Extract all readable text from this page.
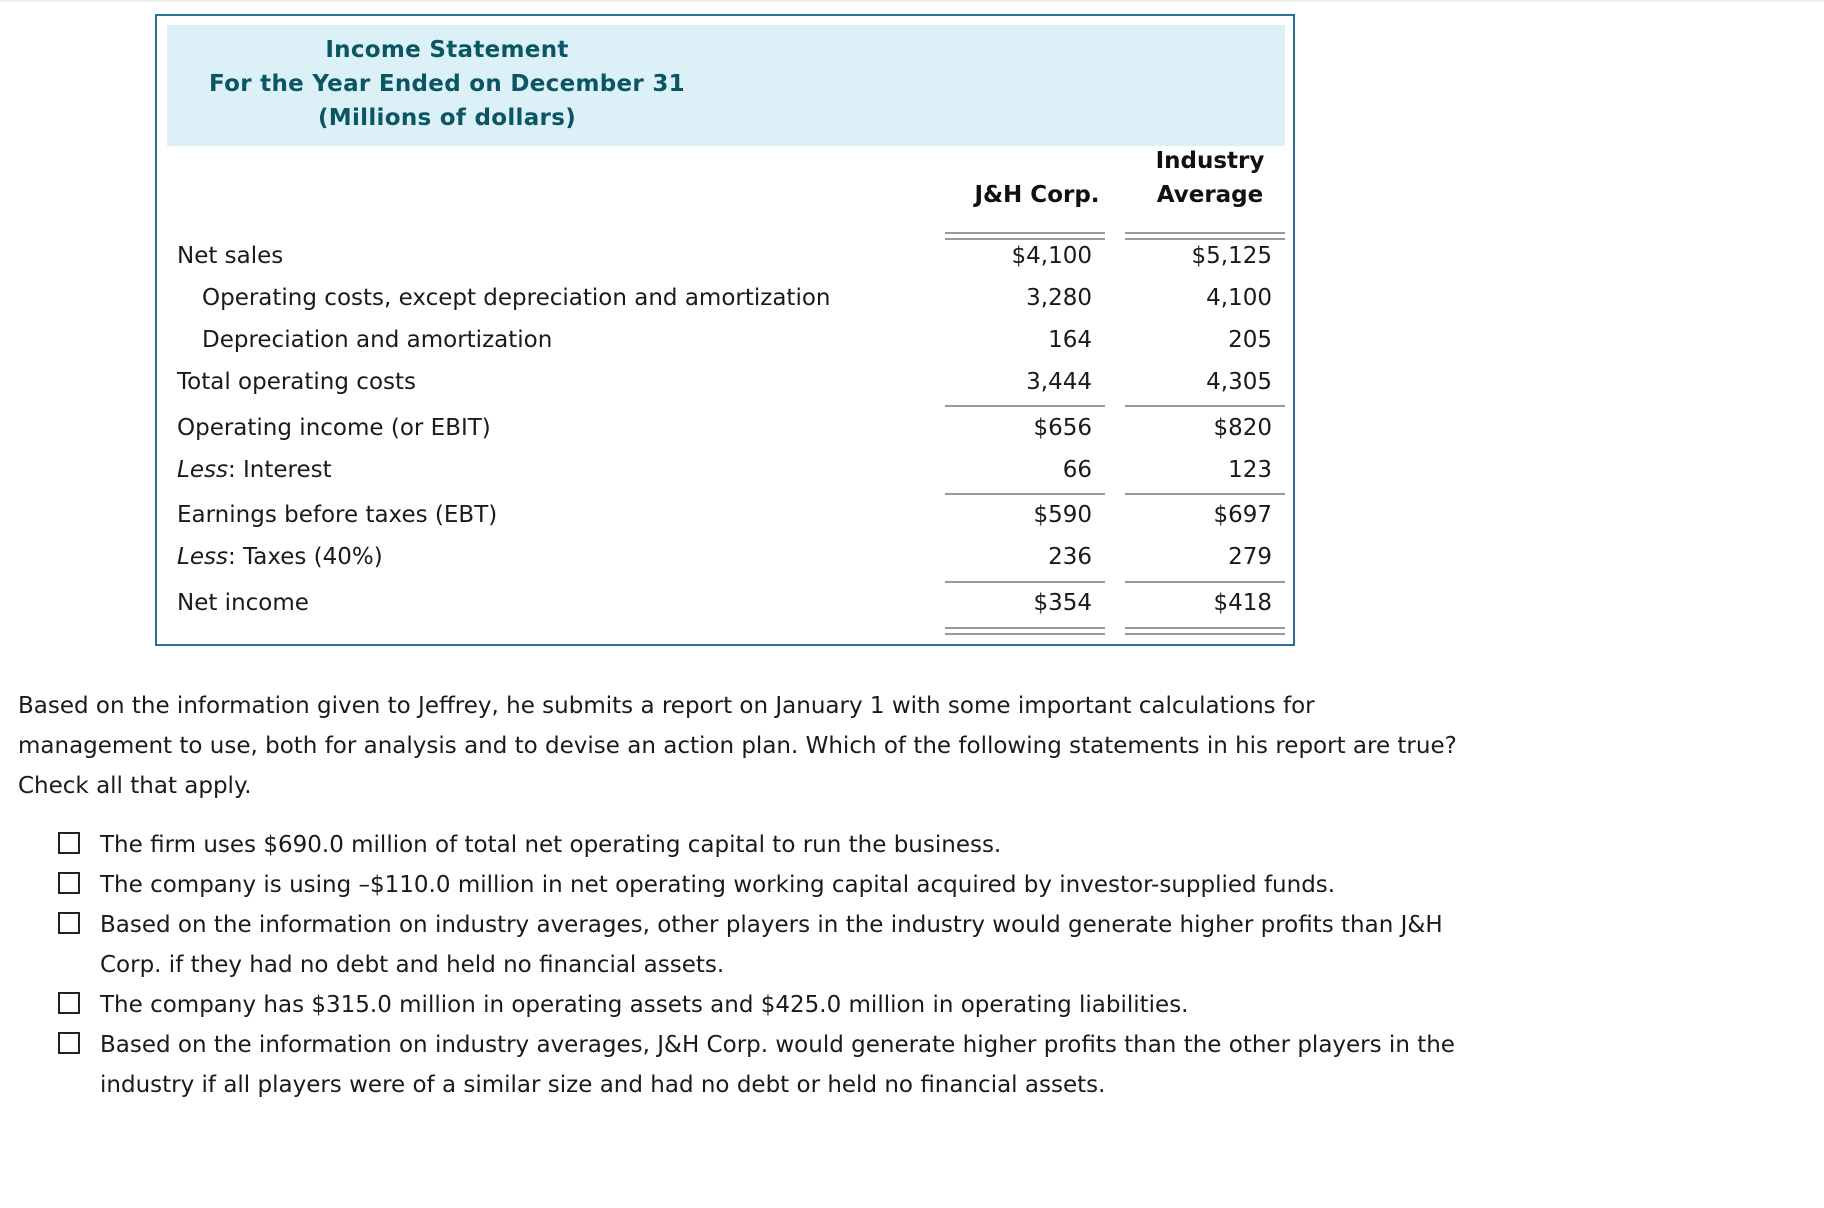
Income Statement
For the Year Ended on December 31
(Millions of dollars)
J&H Corp.
Industry
Average
Net sales	$4,100	$5,125
Operating costs, except depreciation and amortization	3,280	4,100
Depreciation and amortization	164	205
Total operating costs	3,444	4,305
Operating income (or EBIT)	$656	$820
Less: Interest	66	123
Earnings before taxes (EBT)	$590	$697
Less: Taxes (40%)	236	279
Net income	$354	$418
Based on the information given to Jeffrey, he submits a report on January 1 with some important calculations for management to use, both for analysis and to devise an action plan. Which of the following statements in his report are true? Check all that apply.
The firm uses $690.0 million of total net operating capital to run the business.
The company is using –$110.0 million in net operating working capital acquired by investor-supplied funds.
Based on the information on industry averages, other players in the industry would generate higher profits than J&H Corp. if they had no debt and held no financial assets.
The company has $315.0 million in operating assets and $425.0 million in operating liabilities.
Based on the information on industry averages, J&H Corp. would generate higher profits than the other players in the industry if all players were of a similar size and had no debt or held no financial assets.
